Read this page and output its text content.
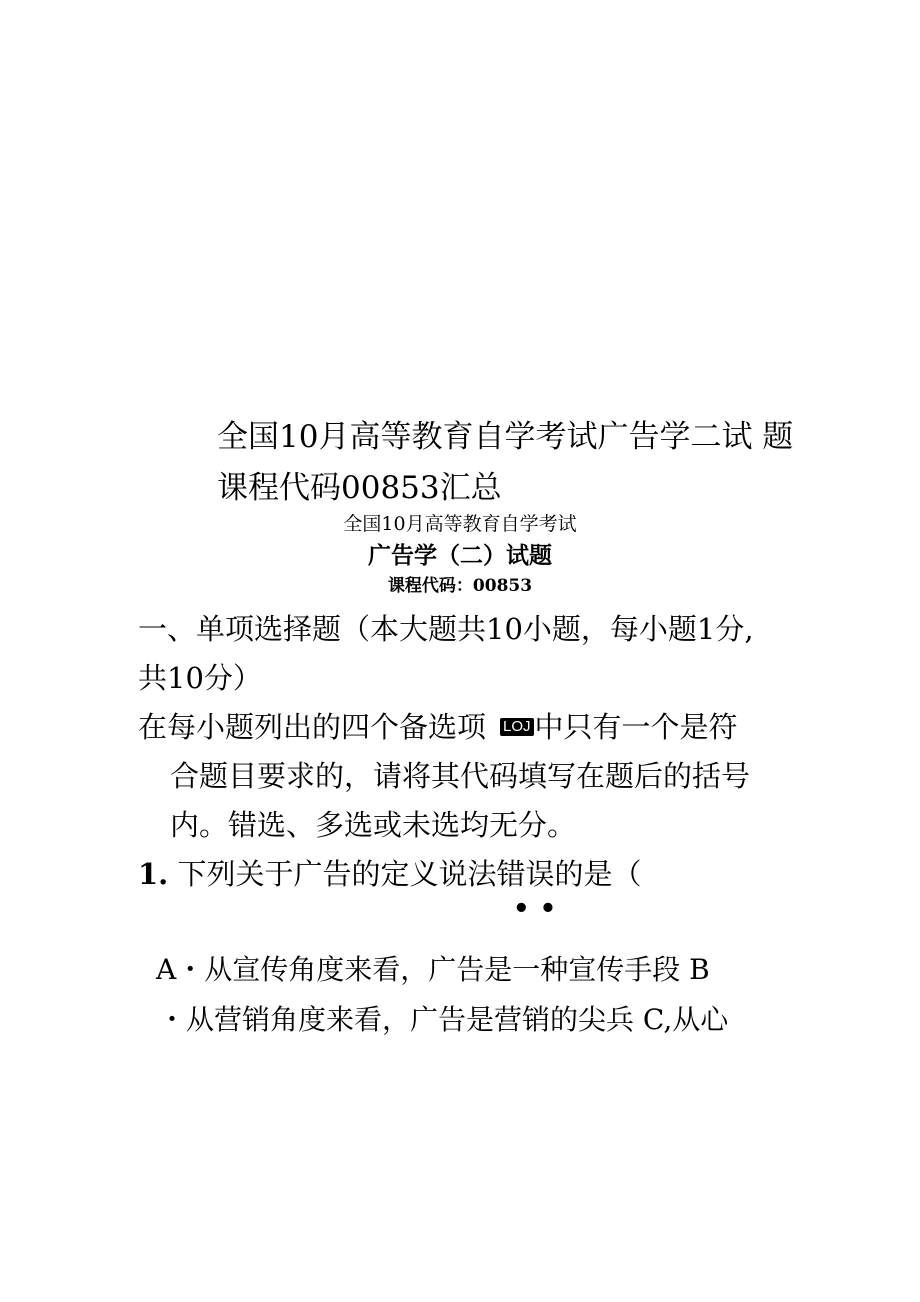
全国10月高等教育自学考试广告学二试 题
课程代码00853汇总

全国10月高等教育自学考试

广告学（二）试题

课程代码：00853

一、单项选择题（本大题共10小题，每小题1分,

共10分）

在每小题列出的四个备选项 LOJ 中只有一个是符

合题目要求的，请将其代码填写在题后的括号

内。错选、多选或未选均无分。

1. 下列关于广告的定义说法错误的是（

••

A・从宣传角度来看，广告是一种宣传手段 B

・从营销角度来看，广告是营销的尖兵 C,从心
